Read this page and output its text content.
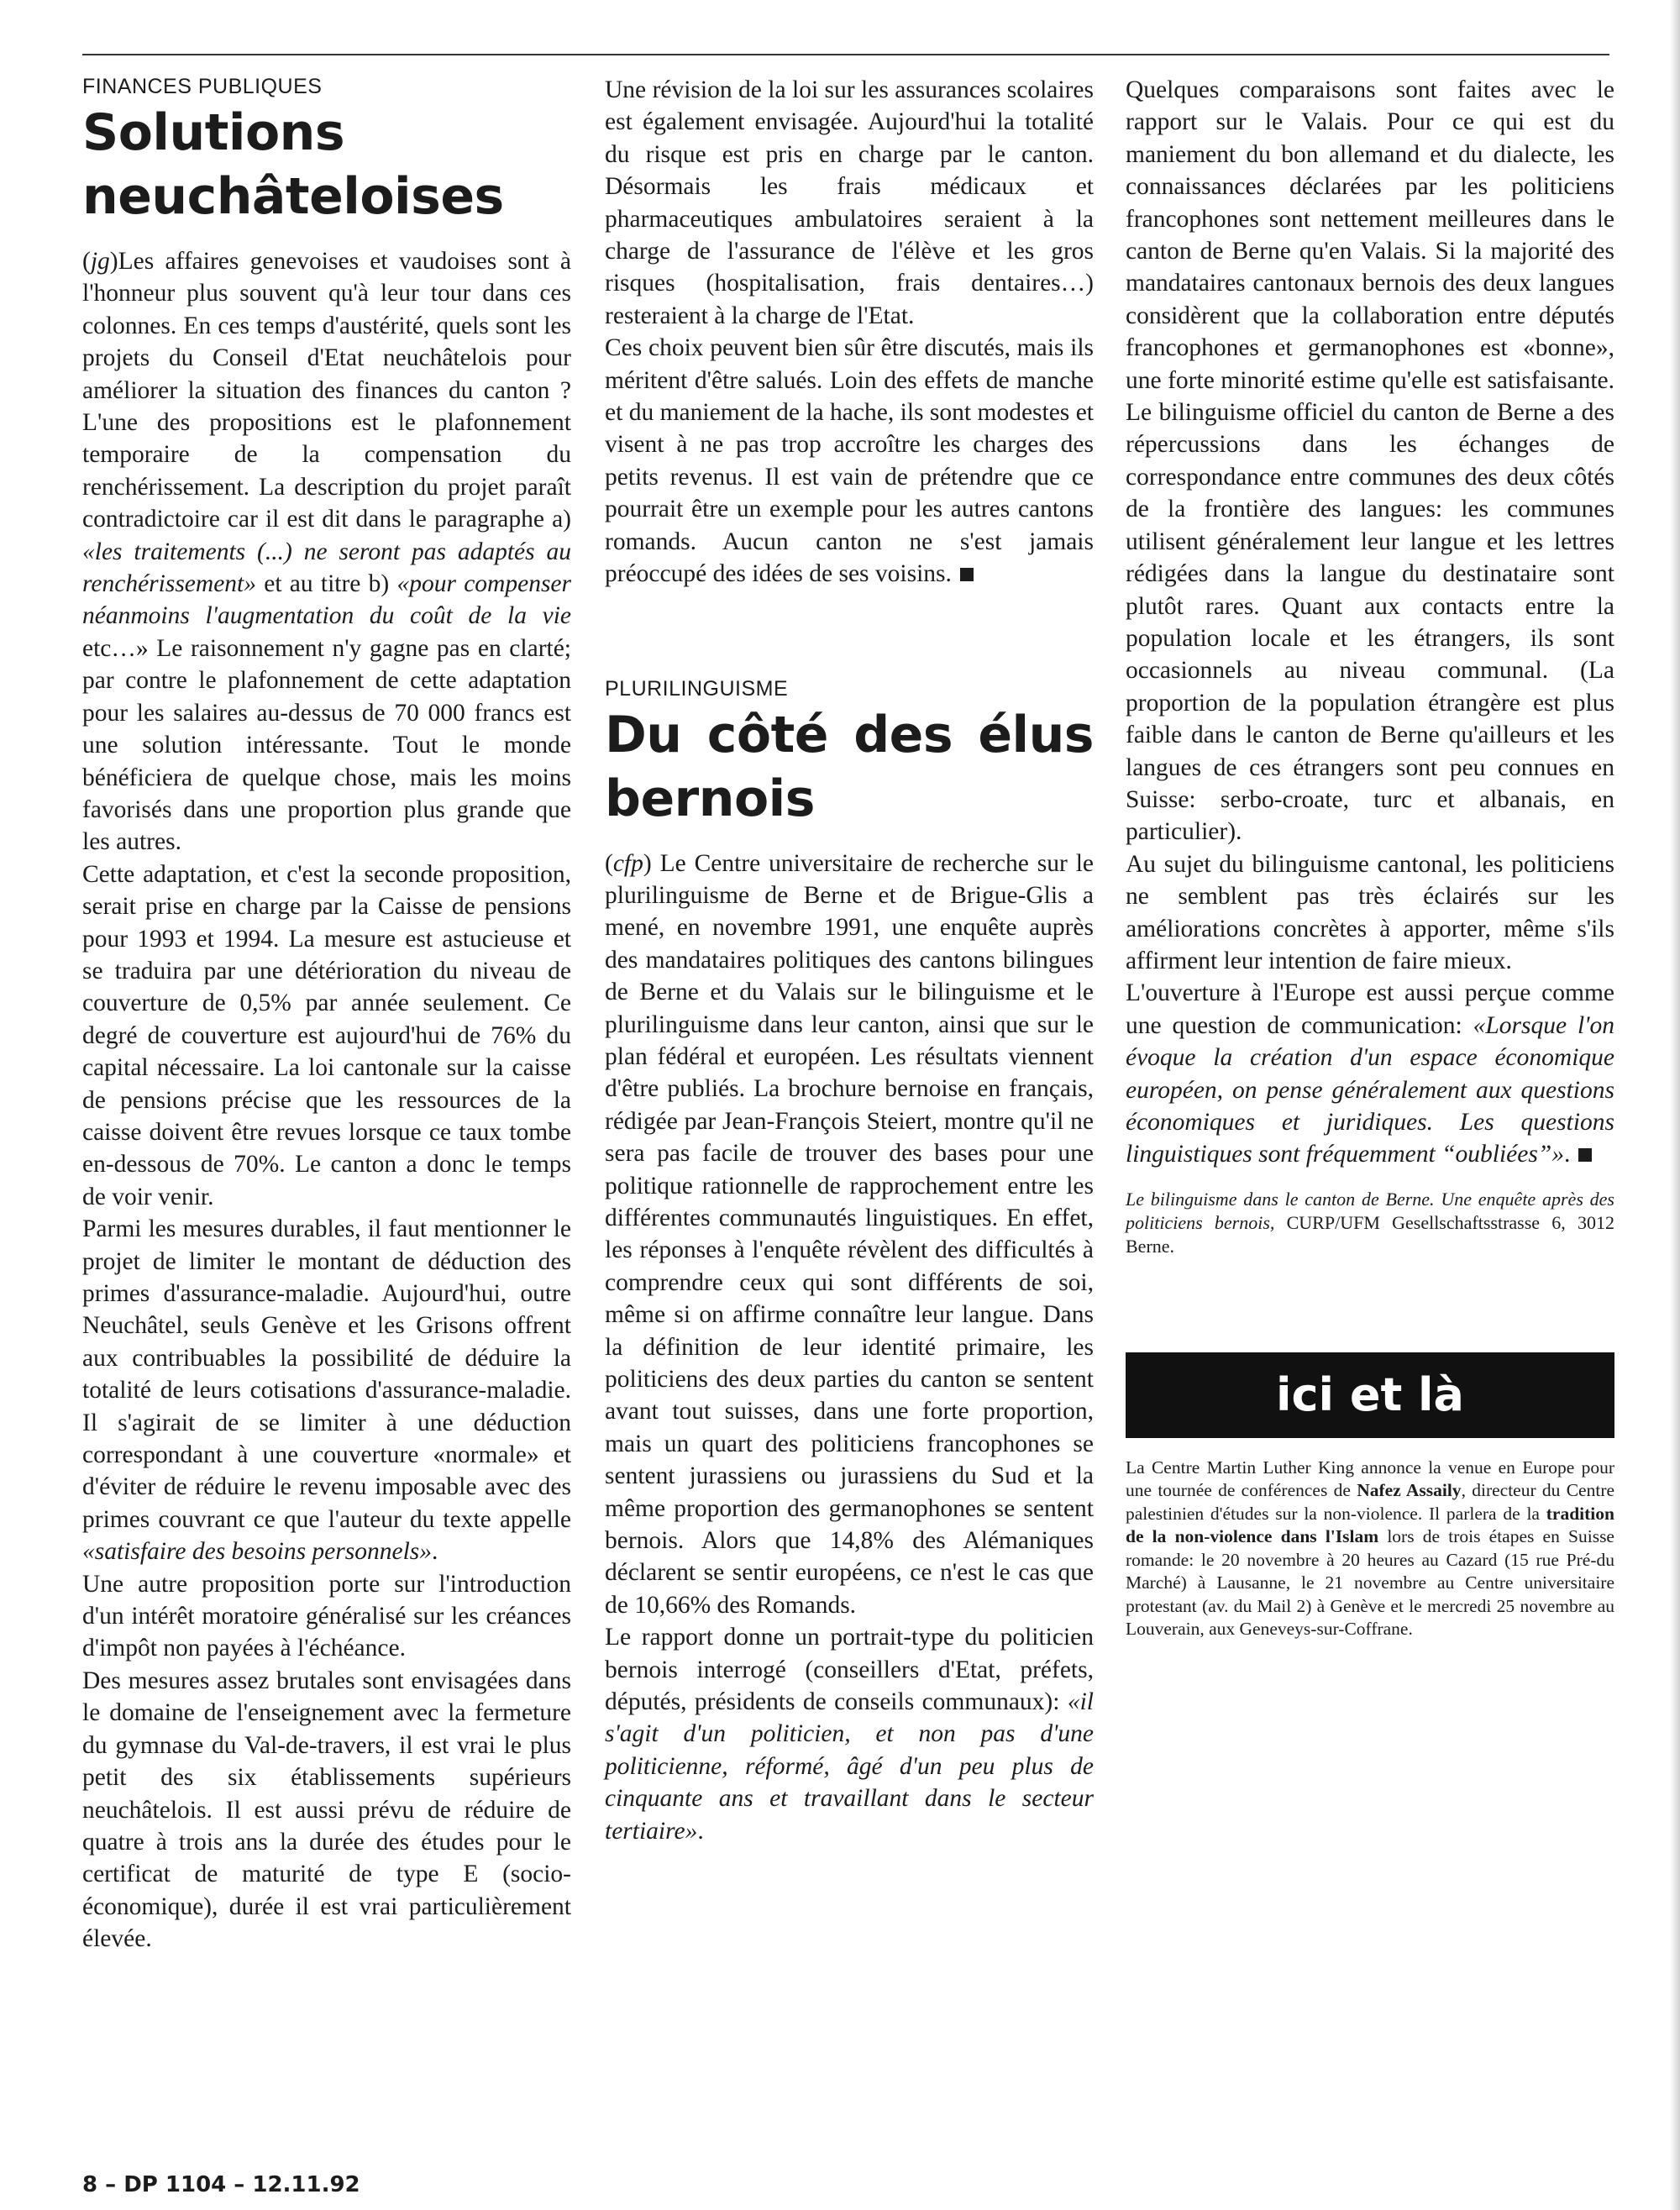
FINANCES PUBLIQUES
Solutions neuchâteloises

(jg)Les affaires genevoises et vaudoises sont à l'honneur plus souvent qu'à leur tour dans ces colonnes. En ces temps d'austérité, quels sont les projets du Conseil d'Etat neuchâtelois pour améliorer la situation des finances du canton ? L'une des propositions est le plafonnement temporaire de la compensation du renchérissement. La description du projet paraît contradictoire car il est dit dans le paragraphe a) «les traitements (...) ne seront pas adaptés au renchérissement» et au titre b) «pour compenser néanmoins l'augmentation du coût de la vie etc…» Le raisonnement n'y gagne pas en clarté; par contre le plafonnement de cette adaptation pour les salaires au-dessus de 70 000 francs est une solution intéressante. Tout le monde bénéficiera de quelque chose, mais les moins favorisés dans une proportion plus grande que les autres.

Cette adaptation, et c'est la seconde proposition, serait prise en charge par la Caisse de pensions pour 1993 et 1994. La mesure est astucieuse et se traduira par une détérioration du niveau de couverture de 0,5% par année seulement. Ce degré de couverture est aujourd'hui de 76% du capital nécessaire. La loi cantonale sur la caisse de pensions précise que les ressources de la caisse doivent être revues lorsque ce taux tombe en-dessous de 70%. Le canton a donc le temps de voir venir.

Parmi les mesures durables, il faut mentionner le projet de limiter le montant de déduction des primes d'assurance-maladie. Aujourd'hui, outre Neuchâtel, seuls Genève et les Grisons offrent aux contribuables la possibilité de déduire la totalité de leurs cotisations d'assurance-maladie. Il s'agirait de se limiter à une déduction correspondant à une couverture «normale» et d'éviter de réduire le revenu imposable avec des primes couvrant ce que l'auteur du texte appelle «satisfaire des besoins personnels».

Une autre proposition porte sur l'introduction d'un intérêt moratoire généralisé sur les créances d'impôt non payées à l'échéance.

Des mesures assez brutales sont envisagées dans le domaine de l'enseignement avec la fermeture du gymnase du Val-de-travers, il est vrai le plus petit des six établissements supérieurs neuchâtelois. Il est aussi prévu de réduire de quatre à trois ans la durée des études pour le certificat de maturité de type E (socio-économique), durée il est vrai particulièrement élevée.

Une révision de la loi sur les assurances scolaires est également envisagée. Aujourd'hui la totalité du risque est pris en charge par le canton. Désormais les frais médicaux et pharmaceutiques ambulatoires seraient à la charge de l'assurance de l'élève et les gros risques (hospitalisation, frais dentaires…) resteraient à la charge de l'Etat.

Ces choix peuvent bien sûr être discutés, mais ils méritent d'être salués. Loin des effets de manche et du maniement de la hache, ils sont modestes et visent à ne pas trop accroître les charges des petits revenus. Il est vain de prétendre que ce pourrait être un exemple pour les autres cantons romands. Aucun canton ne s'est jamais préoccupé des idées de ses voisins.

PLURILINGUISME
Du côté des élus bernois

(cfp) Le Centre universitaire de recherche sur le plurilinguisme de Berne et de Brigue-Glis a mené, en novembre 1991, une enquête auprès des mandataires politiques des cantons bilingues de Berne et du Valais sur le bilinguisme et le plurilinguisme dans leur canton, ainsi que sur le plan fédéral et européen. Les résultats viennent d'être publiés. La brochure bernoise en français, rédigée par Jean-François Steiert, montre qu'il ne sera pas facile de trouver des bases pour une politique rationnelle de rapprochement entre les différentes communautés linguistiques. En effet, les réponses à l'enquête révèlent des difficultés à comprendre ceux qui sont différents de soi, même si on affirme connaître leur langue. Dans la définition de leur identité primaire, les politiciens des deux parties du canton se sentent avant tout suisses, dans une forte proportion, mais un quart des politiciens francophones se sentent jurassiens ou jurassiens du Sud et la même proportion des germanophones se sentent bernois. Alors que 14,8% des Alémaniques déclarent se sentir européens, ce n'est le cas que de 10,66% des Romands.

Le rapport donne un portrait-type du politicien bernois interrogé (conseillers d'Etat, préfets, députés, présidents de conseils communaux): «il s'agit d'un politicien, et non pas d'une politicienne, réformé, âgé d'un peu plus de cinquante ans et travaillant dans le secteur tertiaire».

Quelques comparaisons sont faites avec le rapport sur le Valais. Pour ce qui est du maniement du bon allemand et du dialecte, les connaissances déclarées par les politiciens francophones sont nettement meilleures dans le canton de Berne qu'en Valais. Si la majorité des mandataires cantonaux bernois des deux langues considèrent que la collaboration entre députés francophones et germanophones est «bonne», une forte minorité estime qu'elle est satisfaisante. Le bilinguisme officiel du canton de Berne a des répercussions dans les échanges de correspondance entre communes des deux côtés de la frontière des langues: les communes utilisent généralement leur langue et les lettres rédigées dans la langue du destinataire sont plutôt rares. Quant aux contacts entre la population locale et les étrangers, ils sont occasionnels au niveau communal. (La proportion de la population étrangère est plus faible dans le canton de Berne qu'ailleurs et les langues de ces étrangers sont peu connues en Suisse: serbo-croate, turc et albanais, en particulier).

Au sujet du bilinguisme cantonal, les politiciens ne semblent pas très éclairés sur les améliorations concrètes à apporter, même s'ils affirment leur intention de faire mieux.

L'ouverture à l'Europe est aussi perçue comme une question de communication: «Lorsque l'on évoque la création d'un espace économique européen, on pense généralement aux questions économiques et juridiques. Les questions linguistiques sont fréquemment “oubliées”».

Le bilinguisme dans le canton de Berne. Une enquête après des politiciens bernois, CURP/UFM Gesellschaftsstrasse 6, 3012 Berne.

ici et là

La Centre Martin Luther King annonce la venue en Europe pour une tournée de conférences de Nafez Assaily, directeur du Centre palestinien d'études sur la non-violence. Il parlera de la tradition de la non-violence dans l'Islam lors de trois étapes en Suisse romande: le 20 novembre à 20 heures au Cazard (15 rue Pré-du Marché) à Lausanne, le 21 novembre au Centre universitaire protestant (av. du Mail 2) à Genève et le mercredi 25 novembre au Louverain, aux Geneveys-sur-Coffrane.

8 – DP 1104 – 12.11.92
